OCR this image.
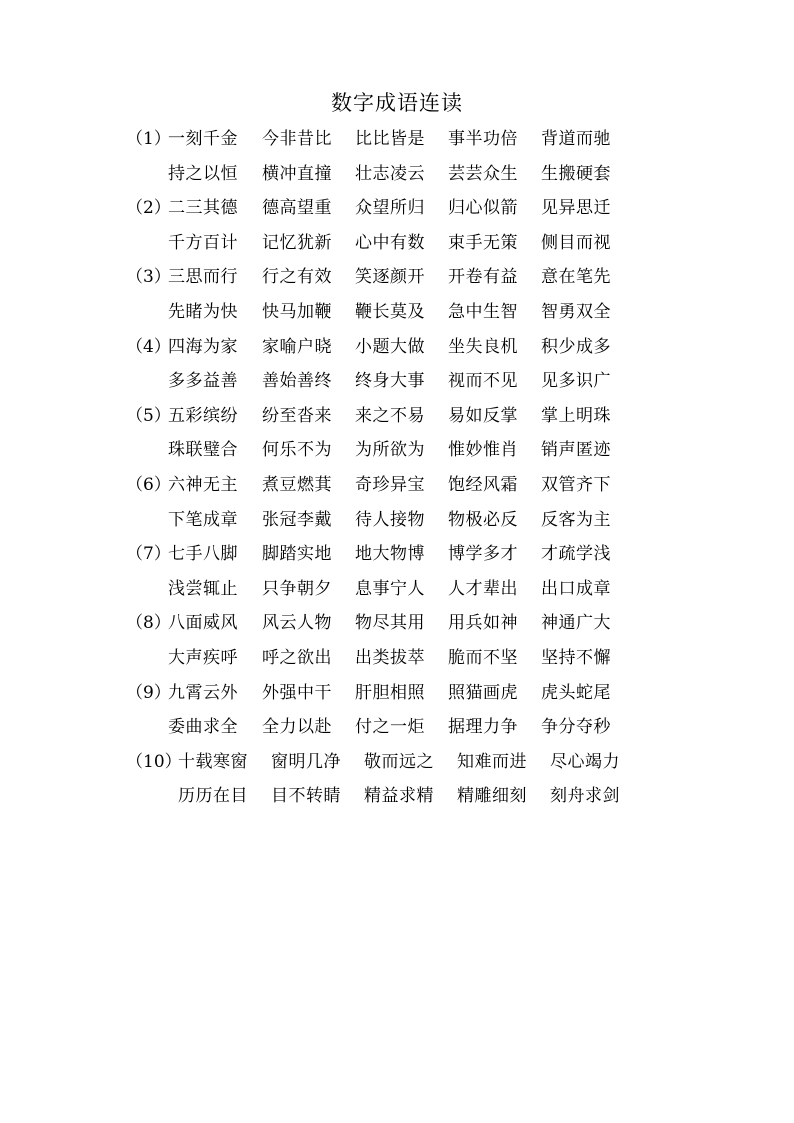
数字成语连读
（1）
一刻千金 今非昔比 比比皆是 事半功倍 背道而驰
持之以恒 横冲直撞 壮志凌云 芸芸众生 生搬硬套
（2）
二三其德 德高望重 众望所归 归心似箭 见异思迁
千方百计 记忆犹新 心中有数 束手无策 侧目而视
（3）
三思而行 行之有效 笑逐颜开 开卷有益 意在笔先
先睹为快 快马加鞭 鞭长莫及 急中生智 智勇双全
（4）
四海为家 家喻户晓 小题大做 坐失良机 积少成多
多多益善 善始善终 终身大事 视而不见 见多识广
（5）
五彩缤纷 纷至沓来 来之不易 易如反掌 掌上明珠
珠联璧合 何乐不为 为所欲为 惟妙惟肖 销声匿迹
（6）
六神无主 煮豆燃萁 奇珍异宝 饱经风霜 双管齐下
下笔成章 张冠李戴 待人接物 物极必反 反客为主
（7）
七手八脚 脚踏实地 地大物博 博学多才 才疏学浅
浅尝辄止 只争朝夕 息事宁人 人才辈出 出口成章
（8）
八面威风 风云人物 物尽其用 用兵如神 神通广大
大声疾呼 呼之欲出 出类拔萃 脆而不坚 坚持不懈
（9）
九霄云外 外强中干 肝胆相照 照猫画虎 虎头蛇尾
委曲求全 全力以赴 付之一炬 据理力争 争分夺秒
（10）
十载寒窗 窗明几净 敬而远之 知难而进 尽心竭力
历历在目 目不转睛 精益求精 精雕细刻 刻舟求剑
